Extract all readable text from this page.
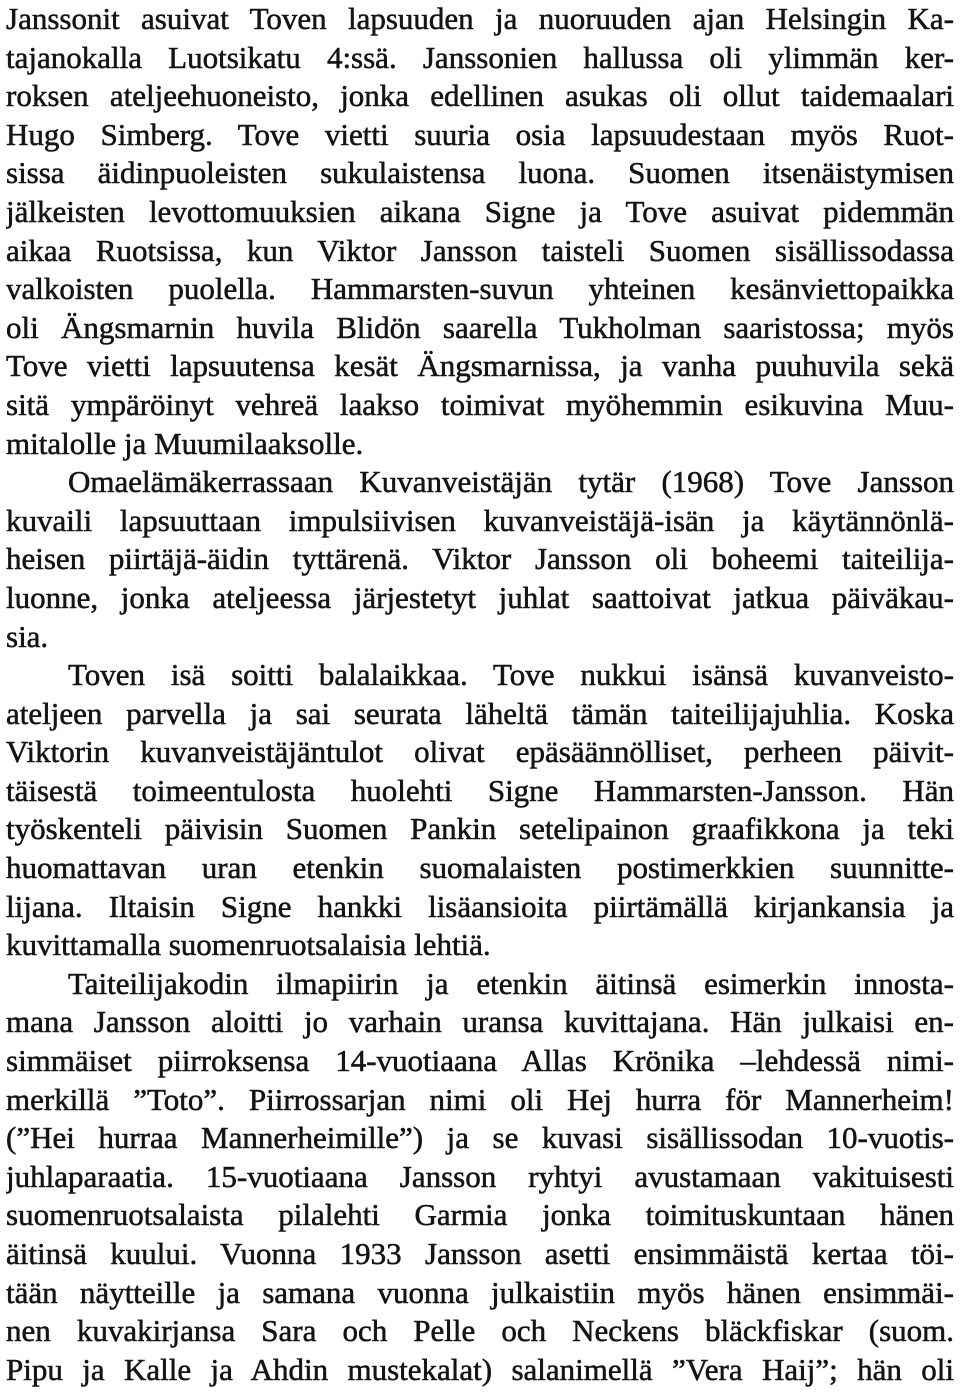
Janssonit asuivat Toven lapsuuden ja nuoruuden ajan Helsingin Ka-
tajanokalla Luotsikatu 4:ssä. Janssonien hallussa oli ylimmän ker-
roksen ateljeehuoneisto, jonka edellinen asukas oli ollut taidemaalari
Hugo Simberg. Tove vietti suuria osia lapsuudestaan myös Ruot-
sissa äidinpuoleisten sukulaistensa luona. Suomen itsenäistymisen
jälkeisten levottomuuksien aikana Signe ja Tove asuivat pidemmän
aikaa Ruotsissa, kun Viktor Jansson taisteli Suomen sisällissodassa
valkoisten puolella. Hammarsten-suvun yhteinen kesänviettopaikka
oli Ängsmarnin huvila Blidön saarella Tukholman saaristossa; myös
Tove vietti lapsuutensa kesät Ängsmarnissa, ja vanha puuhuvila sekä
sitä ympäröinyt vehreä laakso toimivat myöhemmin esikuvina Muu-
mitalolle ja Muumilaaksolle.
Omaelämäkerrassaan Kuvanveistäjän tytär (1968) Tove Jansson
kuvaili lapsuuttaan impulsiivisen kuvanveistäjä-isän ja käytännönlä-
heisen piirtäjä-äidin tyttärenä. Viktor Jansson oli boheemi taiteilija-
luonne, jonka ateljeessa järjestetyt juhlat saattoivat jatkua päiväkau-
sia.
Toven isä soitti balalaikkaa. Tove nukkui isänsä kuvanveisto-
ateljeen parvella ja sai seurata läheltä tämän taiteilijajuhlia. Koska
Viktorin kuvanveistäjäntulot olivat epäsäännölliset, perheen päivit-
täisestä toimeentulosta huolehti Signe Hammarsten-Jansson. Hän
työskenteli päivisin Suomen Pankin setelipainon graafikkona ja teki
huomattavan uran etenkin suomalaisten postimerkkien suunnitte-
lijana. Iltaisin Signe hankki lisäansioita piirtämällä kirjankansia ja
kuvittamalla suomenruotsalaisia lehtiä.
Taiteilijakodin ilmapiirin ja etenkin äitinsä esimerkin innosta-
mana Jansson aloitti jo varhain uransa kuvittajana. Hän julkaisi en-
simmäiset piirroksensa 14-vuotiaana Allas Krönika –lehdessä nimi-
merkillä ”Toto”. Piirrossarjan nimi oli Hej hurra för Mannerheim!
(”Hei hurraa Mannerheimille”) ja se kuvasi sisällissodan 10-vuotis-
juhlaparaatia. 15-vuotiaana Jansson ryhtyi avustamaan vakituisesti
suomenruotsalaista pilalehti Garmia jonka toimituskuntaan hänen
äitinsä kuului. Vuonna 1933 Jansson asetti ensimmäistä kertaa töi-
tään näytteille ja samana vuonna julkaistiin myös hänen ensimmäi-
nen kuvakirjansa Sara och Pelle och Neckens bläckfiskar (suom.
Pipu ja Kalle ja Ahdin mustekalat) salanimellä ”Vera Haij”; hän oli
